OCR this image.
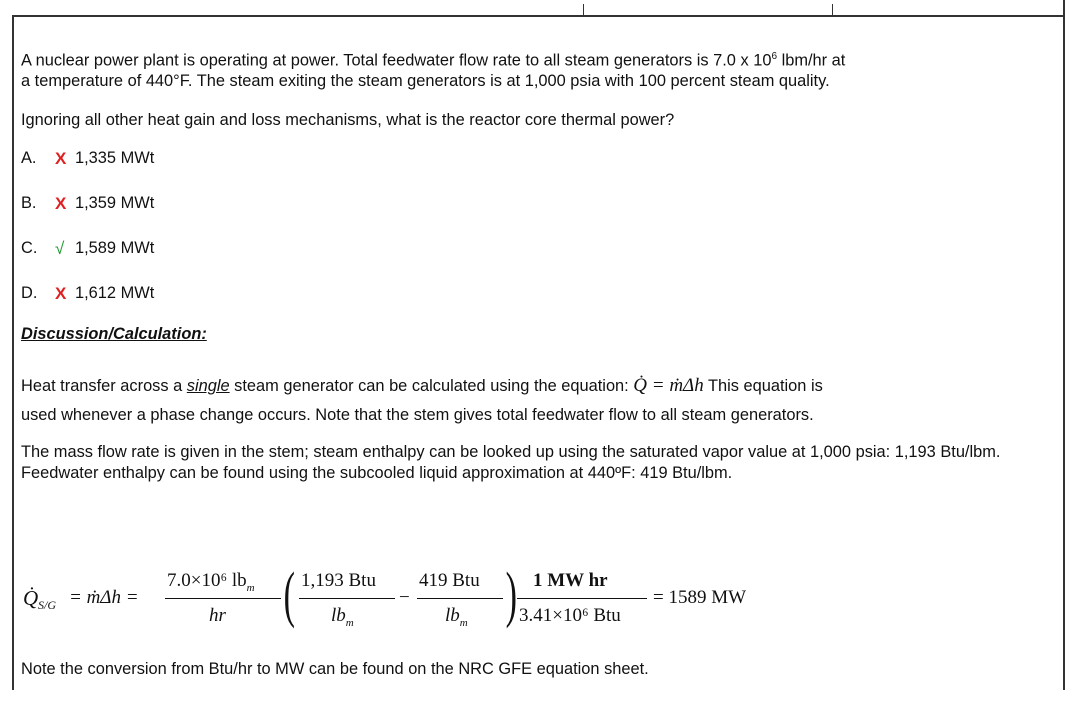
A nuclear power plant is operating at power. Total feedwater flow rate to all steam generators is 7.0 x $10^6$ lbm/hr at
a temperature of 440°F. The steam exiting the steam generators is at 1,000 psia with 100 percent steam quality.

Ignoring all other heat gain and loss mechanisms, what is the reactor core thermal power?

A.	X 1,335 MWt
B.	X 1,359 MWt
C.	√ 1,589 MWt
D.	X 1,612 MWt

Discussion/Calculation:

Heat transfer across a single steam generator can be calculated using the equation: Q̇ = ṁΔh This equation is
used whenever a phase change occurs. Note that the stem gives total feedwater flow to all steam generators.

The mass flow rate is given in the stem; steam enthalpy can be looked up using the saturated vapor value at 1,000 psia: 1,193 Btu/lbm. Feedwater enthalpy can be found using the subcooled liquid approximation at 440ºF: 419 Btu/lbm.

Q̇ S/G = ṁΔh =
7.0×10⁶ $lb_m$
hr ( 1,193 Btu
$lb_m$
−
419 Btu
$lb_m$ ) 1 MW hr
3.41×10⁶ Btu
= 1589 MW

Note the conversion from Btu/hr to MW can be found on the NRC GFE equation sheet.
